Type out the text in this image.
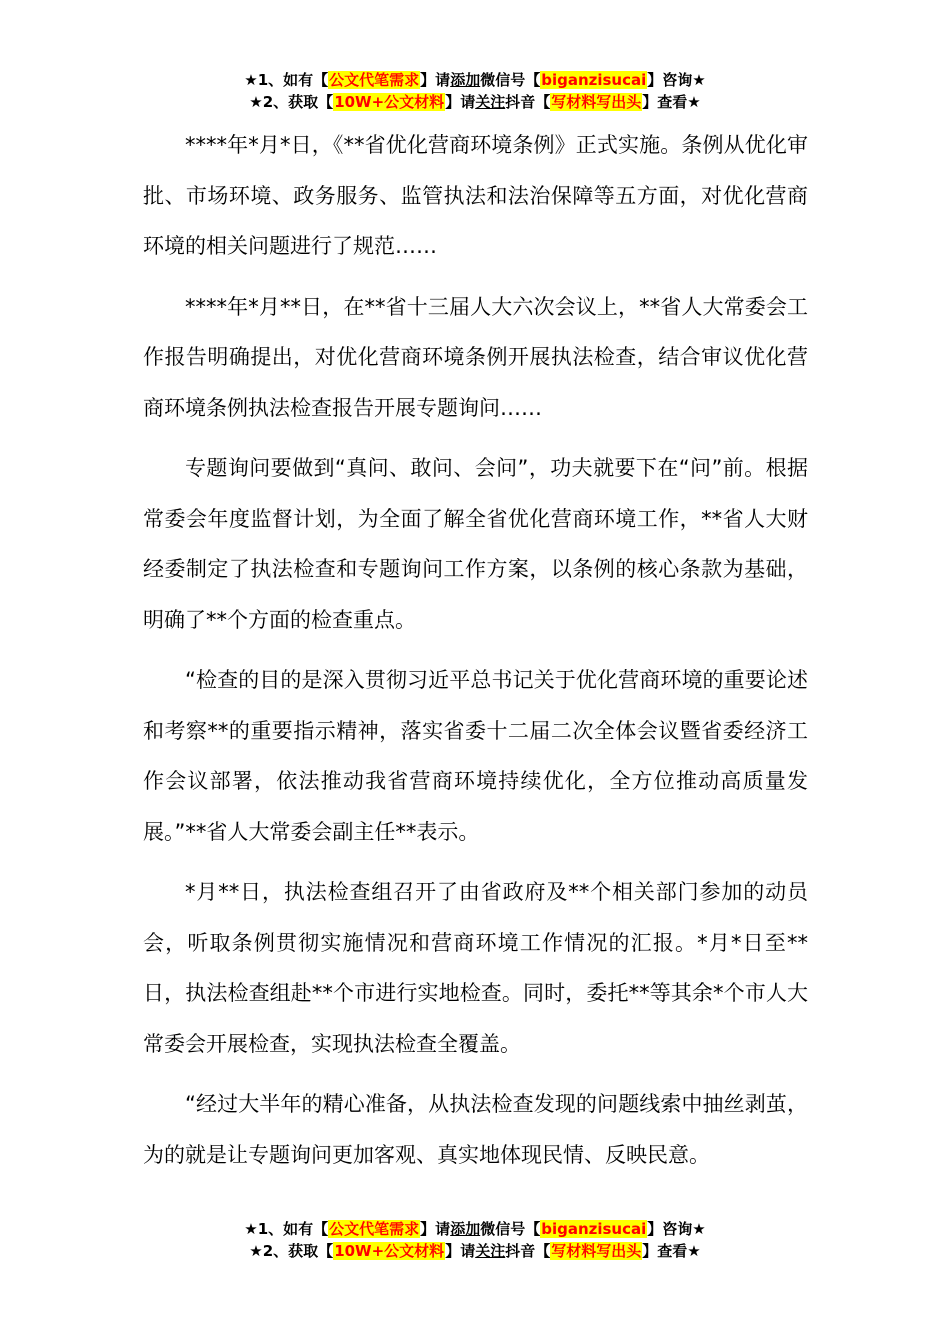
★1、如有【公文代笔需求】请添加微信号【biganzisucai】咨询★
★2、获取【10W+公文材料】请关注抖音【写材料写出头】查看★

****年*月*日，《**省优化营商环境条例》正式实施。条例从优化审批、市场环境、政务服务、监管执法和法治保障等五方面，对优化营商环境的相关问题进行了规范……

****年*月**日，在**省十三届人大六次会议上，**省人大常委会工作报告明确提出，对优化营商环境条例开展执法检查，结合审议优化营商环境条例执法检查报告开展专题询问……

专题询问要做到“真问、敢问、会问”，功夫就要下在“问”前。根据常委会年度监督计划，为全面了解全省优化营商环境工作，**省人大财经委制定了执法检查和专题询问工作方案，以条例的核心条款为基础，明确了**个方面的检查重点。

“检查的目的是深入贯彻习近平总书记关于优化营商环境的重要论述和考察**的重要指示精神，落实省委十二届二次全体会议暨省委经济工作会议部署，依法推动我省营商环境持续优化，全方位推动高质量发展。”**省人大常委会副主任**表示。

*月**日，执法检查组召开了由省政府及**个相关部门参加的动员会，听取条例贯彻实施情况和营商环境工作情况的汇报。*月*日至**日，执法检查组赴**个市进行实地检查。同时，委托**等其余*个市人大常委会开展检查，实现执法检查全覆盖。

“经过大半年的精心准备，从执法检查发现的问题线索中抽丝剥茧，为的就是让专题询问更加客观、真实地体现民情、反映民意。

★1、如有【公文代笔需求】请添加微信号【biganzisucai】咨询★
★2、获取【10W+公文材料】请关注抖音【写材料写出头】查看★
